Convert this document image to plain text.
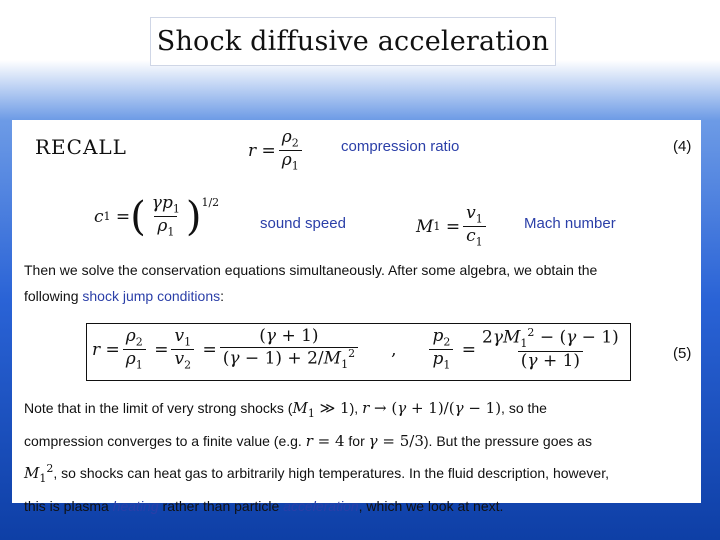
Shock diffusive acceleration
RECALL	$r = \frac{\rho_2}{\rho_1}$	compression ratio	(4)
c 1 = ( $\frac{\gamma p_1}{\rho_1} )^{1/2}$
sound speed	M $1 = \frac{v_1}{c_1}$	Mach number
Then we solve the conservation equations simultaneously. After some algebra, we obtain the
following shock jump conditions:
$r = \frac{\rho_2}{\rho_1} = \frac{v_1}{v_2} = \frac{(\gamma + 1)}{(\gamma - 1) + 2/M_1^2}$ , $\frac{p_2}{p_1} = \frac{2\gamma M_1^2 - (\gamma - 1)}{(\gamma + 1)}$	(5)
Note that in the limit of very strong shocks ($M_1$ ≫ 1), r → (γ + 1)/(γ − 1), so the
compression converges to a finite value (e.g. r = 4 for γ = 5/3). But the pressure goes as
$M_1^2$, so shocks can heat gas to arbitrarily high temperatures. In the fluid description, however,
this is plasma heating rather than particle acceleration, which we look at next.
